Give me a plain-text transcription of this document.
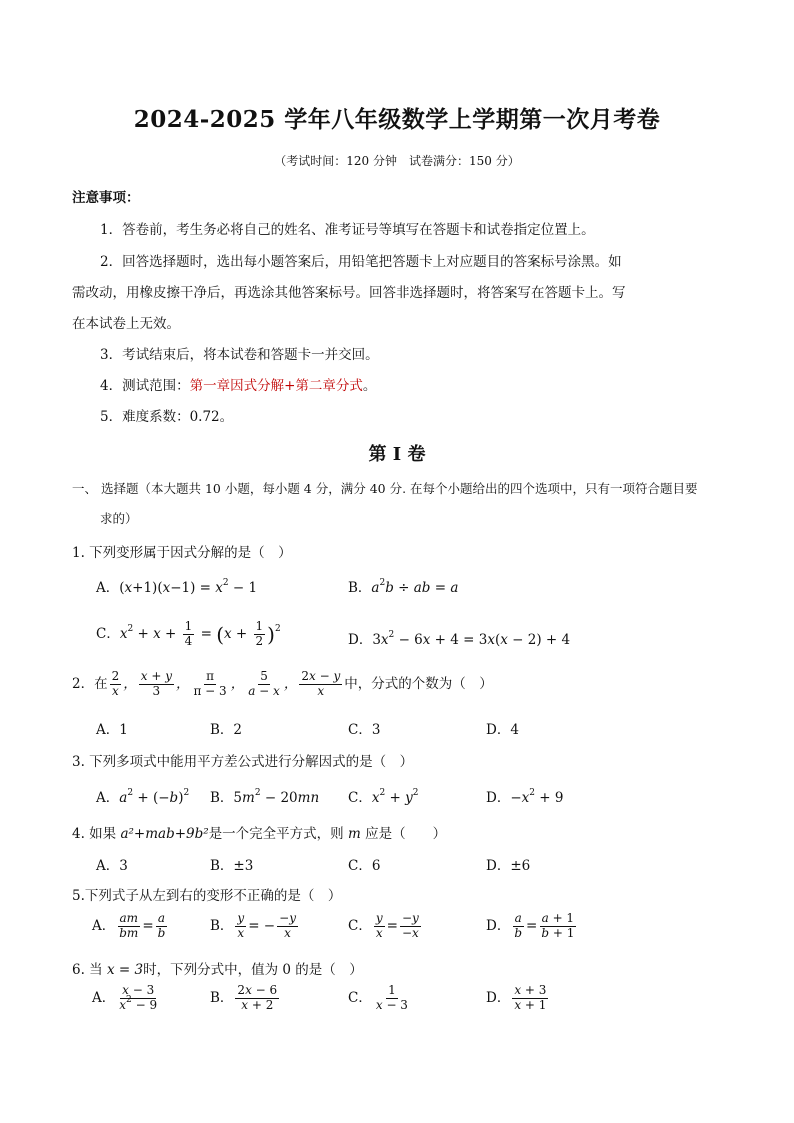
2024-2025 学年八年级数学上学期第一次月考卷
（考试时间：120 分钟　试卷满分：150 分）
注意事项：
1．答卷前，考生务必将自己的姓名、准考证号等填写在答题卡和试卷指定位置上。
2．回答选择题时，选出每小题答案后，用铅笔把答题卡上对应题目的答案标号涂黑。如
需改动，用橡皮擦干净后，再选涂其他答案标号。回答非选择题时，将答案写在答题卡上。写
在本试卷上无效。
3．考试结束后，将本试卷和答题卡一并交回。
4．测试范围：第一章因式分解+第二章分式。
5．难度系数：0.72。
第 Ⅰ 卷
一、 选择题（本大题共 10 小题，每小题 4 分，满分 40 分. 在每个小题给出的四个选项中，只有一项符合题目要
求的）
1. 下列变形属于因式分解的是（　）
A．$(x+1)(x-1) = x^2 - 1$	B．$a^2b$ ÷ ab = a
C．$x^2 + x + \frac{1}{4} = (x + \frac{1}{2} )^2$
D．$3x^2 - 6x + 4 = 3x(x - 2) + 4$
2．在 $\frac{2}{x}$ ， $\frac{x + y}{3}$ ， $\frac{\pi}{\pi - 3}$ ， $\frac{5}{a - x}$ ， $\frac{2x - y}{x}$ 中，分式的个数为（　）
A．1	B．2	C．3	D．4
3. 下列多项式中能用平方差公式进行分解因式的是（　）
A．$a^2 + (-b)^2$ B．$5m^2 - 20mn$ C．$x^2 + y^2$	D．$-x^2 + 9$
4. 如果 a²+mab+9b²是一个完全平方式，则 m 应是（　　）
A．3	B．±3	C．6	D．±6
5.下列式子从左到右的变形不正确的是（　）
A． $\frac{am}{bm} = \frac{a}{b}$	B． $\frac{y}{x}$ = − $\frac{-y}{x}$	C． $\frac{y}{x} = \frac{-y}{-x}$	D． $\frac{a}{b} = \frac{a + 1}{b + 1}$
6. 当 x = 3时，下列分式中，值为 0 的是（　）
A． $\frac{x - 3}{x^2 - 9}$	B． $\frac{2x - 6}{x + 2}$	C． $\frac{1}{x - 3}$	D． $\frac{x + 3}{x + 1}$
